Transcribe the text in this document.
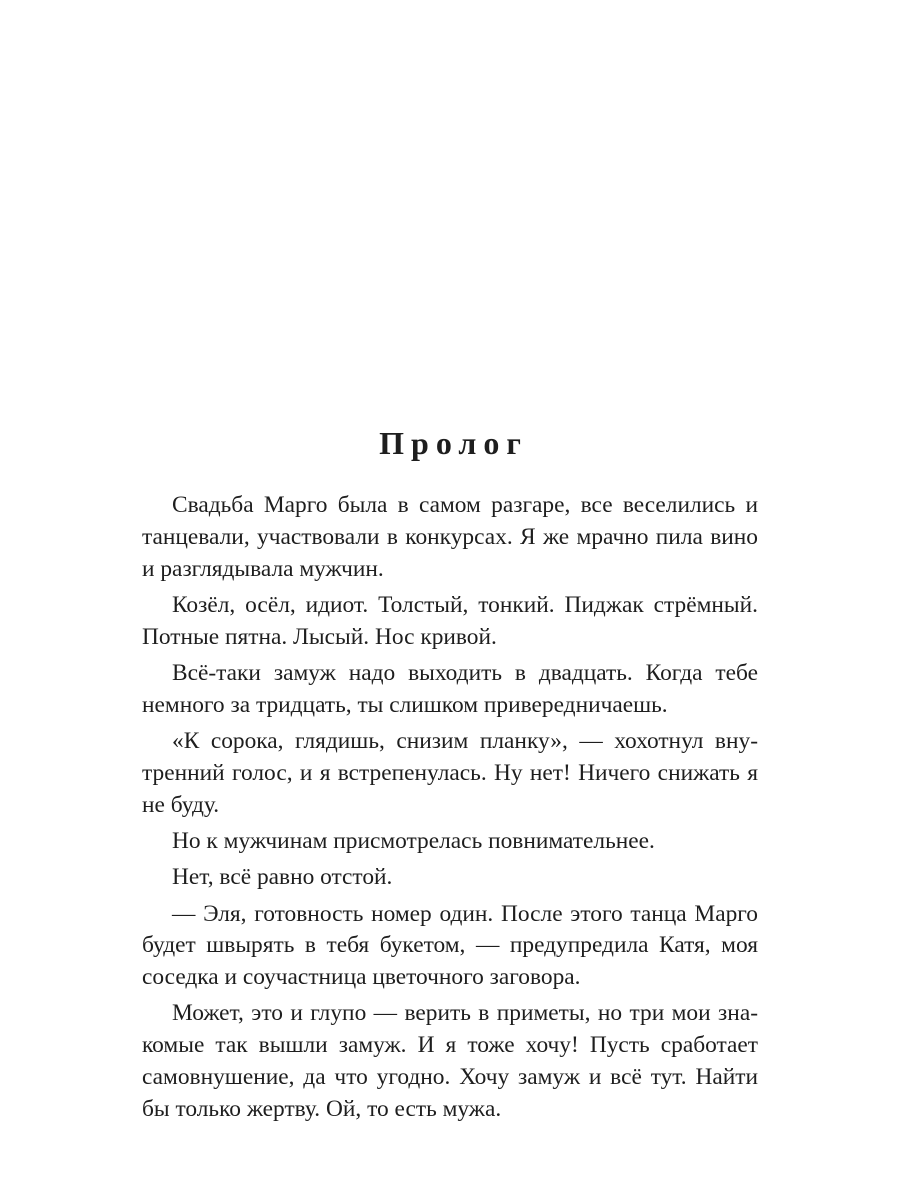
Пролог

Свадьба Марго была в самом разгаре, все веселились и танцевали, участвовали в конкурсах. Я же мрачно пила вино и разглядывала мужчин.

Козёл, осёл, идиот. Толстый, тонкий. Пиджак стрёмный. Потные пятна. Лысый. Нос кривой.

Всё-таки замуж надо выходить в двадцать. Когда тебе немного за тридцать, ты слишком привередничаешь.

«К сорока, глядишь, снизим планку», — хохотнул внутренний голос, и я встрепенулась. Ну нет! Ничего снижать я не буду.

Но к мужчинам присмотрелась повнимательнее.

Нет, всё равно отстой.

— Эля, готовность номер один. После этого танца Марго будет швырять в тебя букетом, — предупредила Катя, моя соседка и соучастница цветочного заговора.

Может, это и глупо — верить в приметы, но три мои знакомые так вышли замуж. И я тоже хочу! Пусть сработает самовнушение, да что угодно. Хочу замуж и всё тут. Найти бы только жертву. Ой, то есть мужа.
